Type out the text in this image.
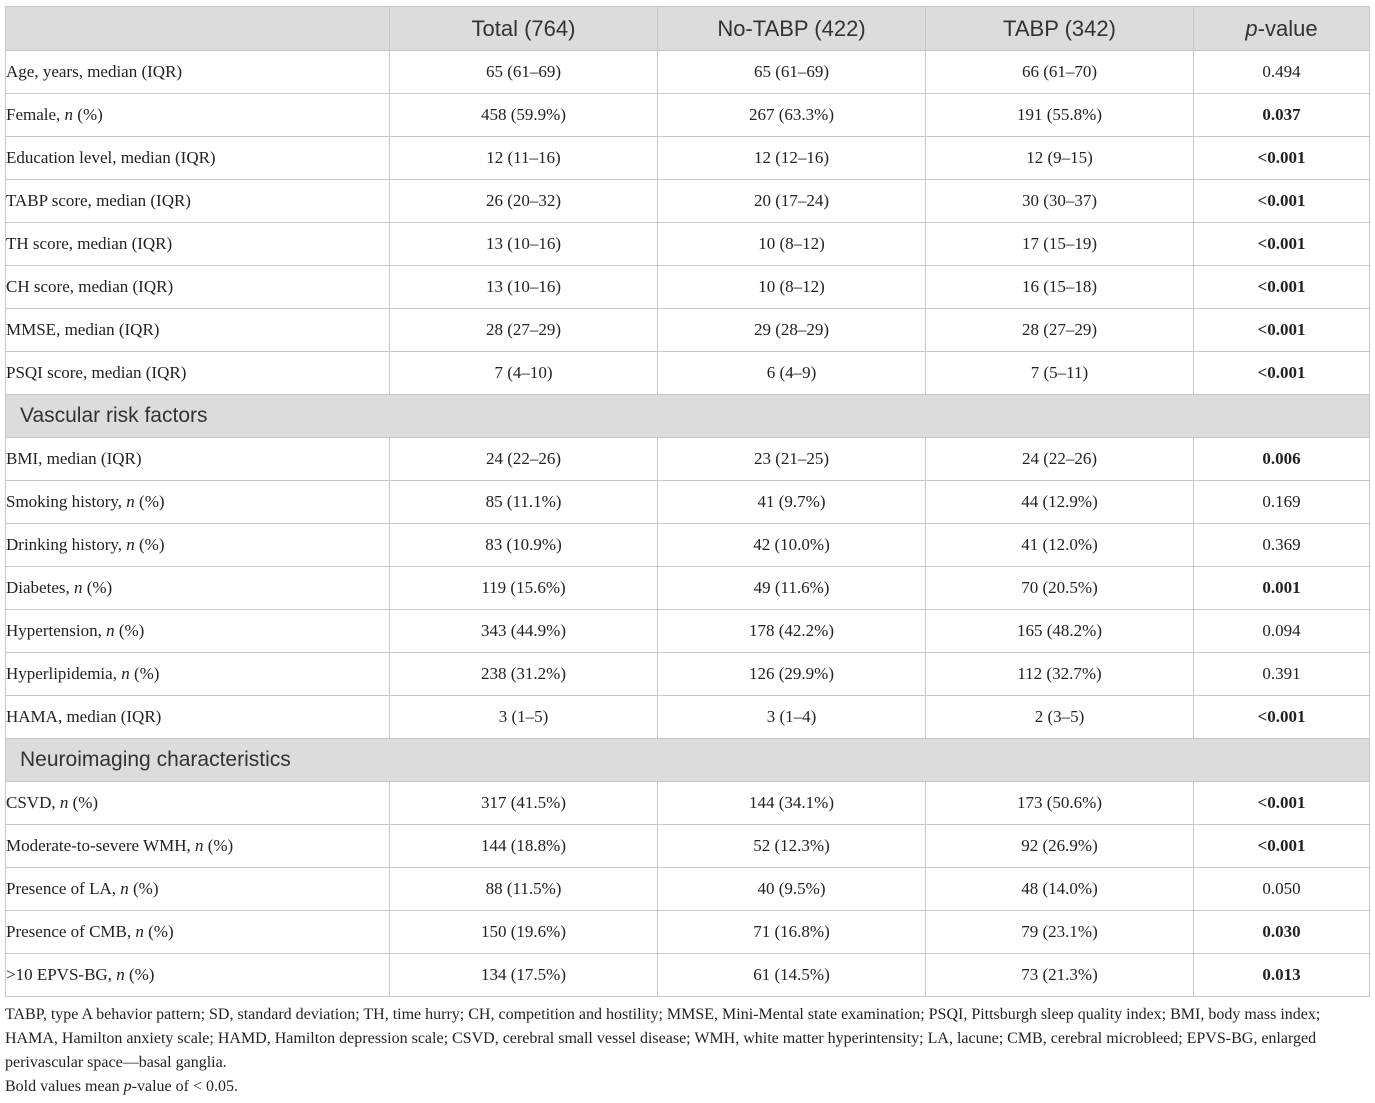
	Total (764)	No-TABP (422)	TABP (342)	p-value
Age, years, median (IQR)	65 (61–69)	65 (61–69)	66 (61–70)	0.494
Female, n (%)	458 (59.9%)	267 (63.3%)	191 (55.8%)	0.037
Education level, median (IQR)	12 (11–16)	12 (12–16)	12 (9–15)	<0.001
TABP score, median (IQR)	26 (20–32)	20 (17–24)	30 (30–37)	<0.001
TH score, median (IQR)	13 (10–16)	10 (8–12)	17 (15–19)	<0.001
CH score, median (IQR)	13 (10–16)	10 (8–12)	16 (15–18)	<0.001
MMSE, median (IQR)	28 (27–29)	29 (28–29)	28 (27–29)	<0.001
PSQI score, median (IQR)	7 (4–10)	6 (4–9)	7 (5–11)	<0.001
Vascular risk factors				
BMI, median (IQR)	24 (22–26)	23 (21–25)	24 (22–26)	0.006
Smoking history, n (%)	85 (11.1%)	41 (9.7%)	44 (12.9%)	0.169
Drinking history, n (%)	83 (10.9%)	42 (10.0%)	41 (12.0%)	0.369
Diabetes, n (%)	119 (15.6%)	49 (11.6%)	70 (20.5%)	0.001
Hypertension, n (%)	343 (44.9%)	178 (42.2%)	165 (48.2%)	0.094
Hyperlipidemia, n (%)	238 (31.2%)	126 (29.9%)	112 (32.7%)	0.391
HAMA, median (IQR)	3 (1–5)	3 (1–4)	2 (3–5)	<0.001
Neuroimaging characteristics				
CSVD, n (%)	317 (41.5%)	144 (34.1%)	173 (50.6%)	<0.001
Moderate-to-severe WMH, n (%)	144 (18.8%)	52 (12.3%)	92 (26.9%)	<0.001
Presence of LA, n (%)	88 (11.5%)	40 (9.5%)	48 (14.0%)	0.050
Presence of CMB, n (%)	150 (19.6%)	71 (16.8%)	79 (23.1%)	0.030
>10 EPVS-BG, n (%)	134 (17.5%)	61 (14.5%)	73 (21.3%)	0.013

TABP, type A behavior pattern; SD, standard deviation; TH, time hurry; CH, competition and hostility; MMSE, Mini-Mental state examination; PSQI, Pittsburgh sleep quality index; BMI, body mass index; HAMA, Hamilton anxiety scale; HAMD, Hamilton depression scale; CSVD, cerebral small vessel disease; WMH, white matter hyperintensity; LA, lacune; CMB, cerebral microbleed; EPVS-BG, enlarged perivascular space—basal ganglia.

Bold values mean p-value of < 0.05.
